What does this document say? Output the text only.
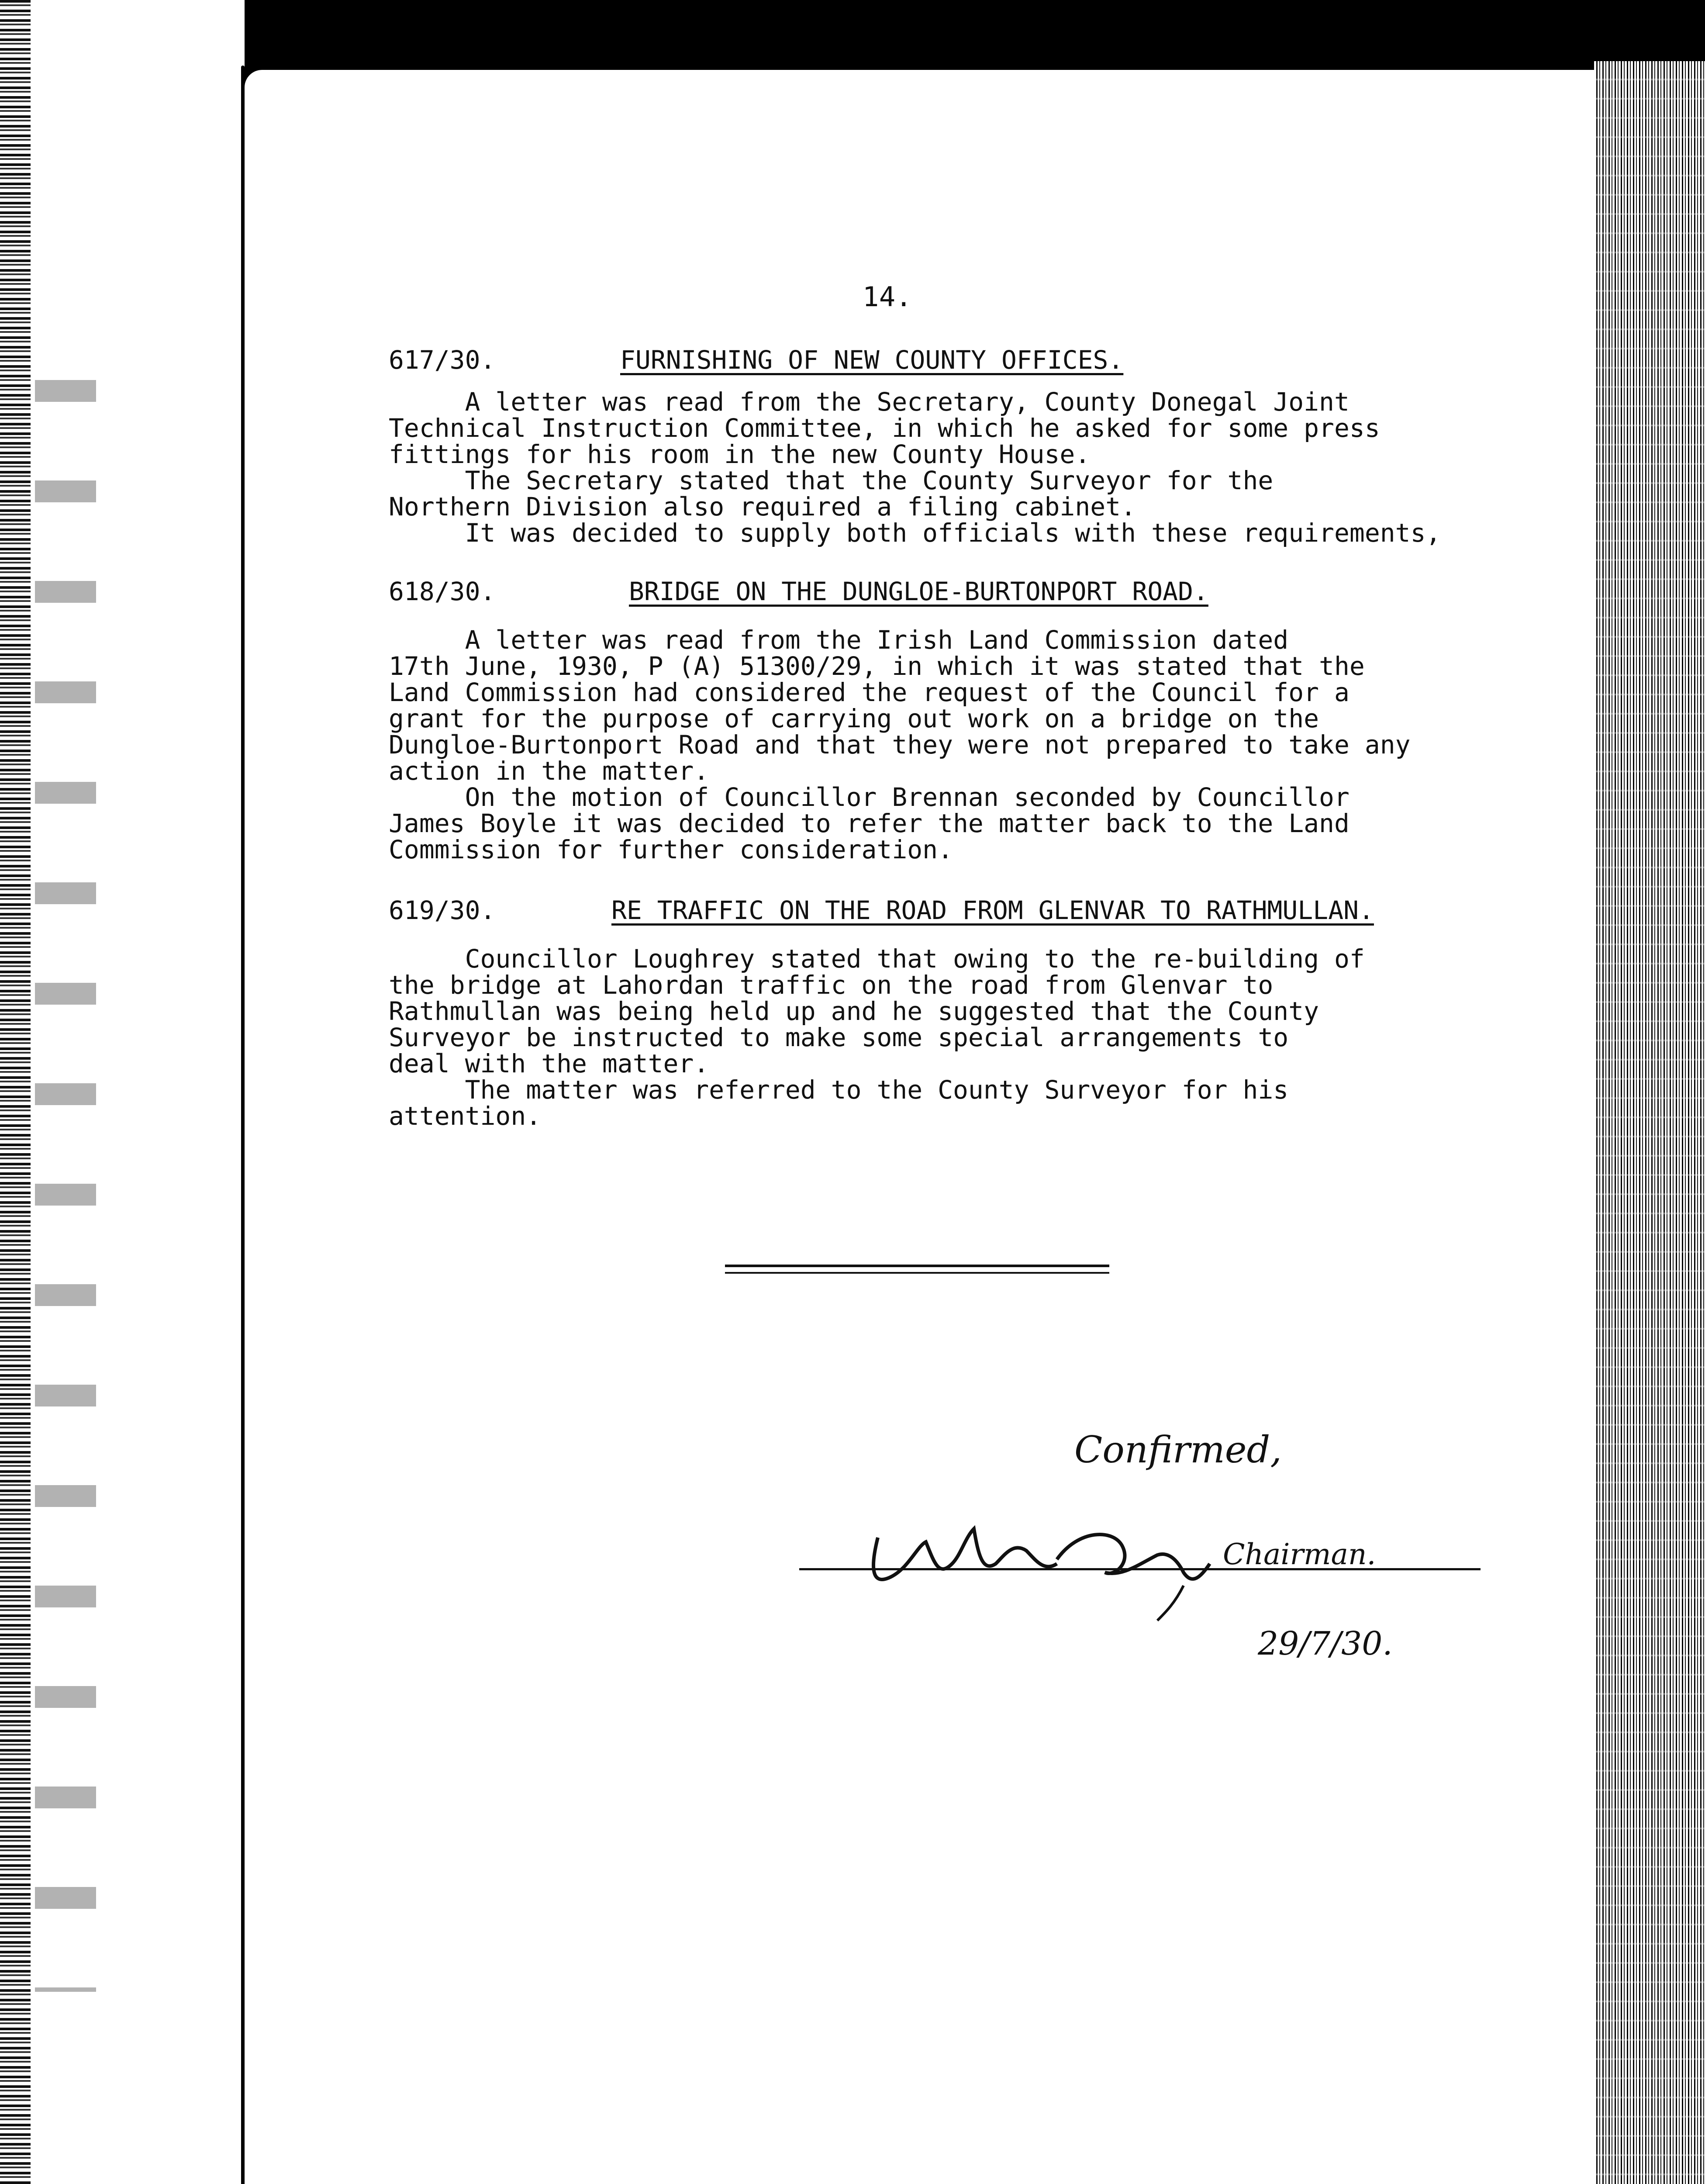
14.
617/30.	FURNISHING OF NEW COUNTY OFFICES.

A letter was read from the Secretary, County Donegal Joint

Technical Instruction Committee, in which he asked for some press

fittings for his room in the new County House.

The Secretary stated that the County Surveyor for the

Northern Division also required a filing cabinet.

It was decided to supply both officials with these requirements,

618/30.	BRIDGE ON THE DUNGLOE-BURTONPORT ROAD.

A letter was read from the Irish Land Commission dated

17th June, 1930, P (A) 51300/29, in which it was stated that the

Land Commission had considered the request of the Council for a

grant for the purpose of carrying out work on a bridge on the

Dungloe-Burtonport Road and that they were not prepared to take any

action in the matter.

On the motion of Councillor Brennan seconded by Councillor

James Boyle it was decided to refer the matter back to the Land

Commission for further consideration.

619/30.	RE TRAFFIC ON THE ROAD FROM GLENVAR TO RATHMULLAN.

Councillor Loughrey stated that owing to the re-building of

the bridge at Lahordan traffic on the road from Glenvar to

Rathmullan was being held up and he suggested that the County

Surveyor be instructed to make some special arrangements to

deal with the matter.

The matter was referred to the County Surveyor for his

attention.

Confirmed,
Chairman.
29/7/30.
